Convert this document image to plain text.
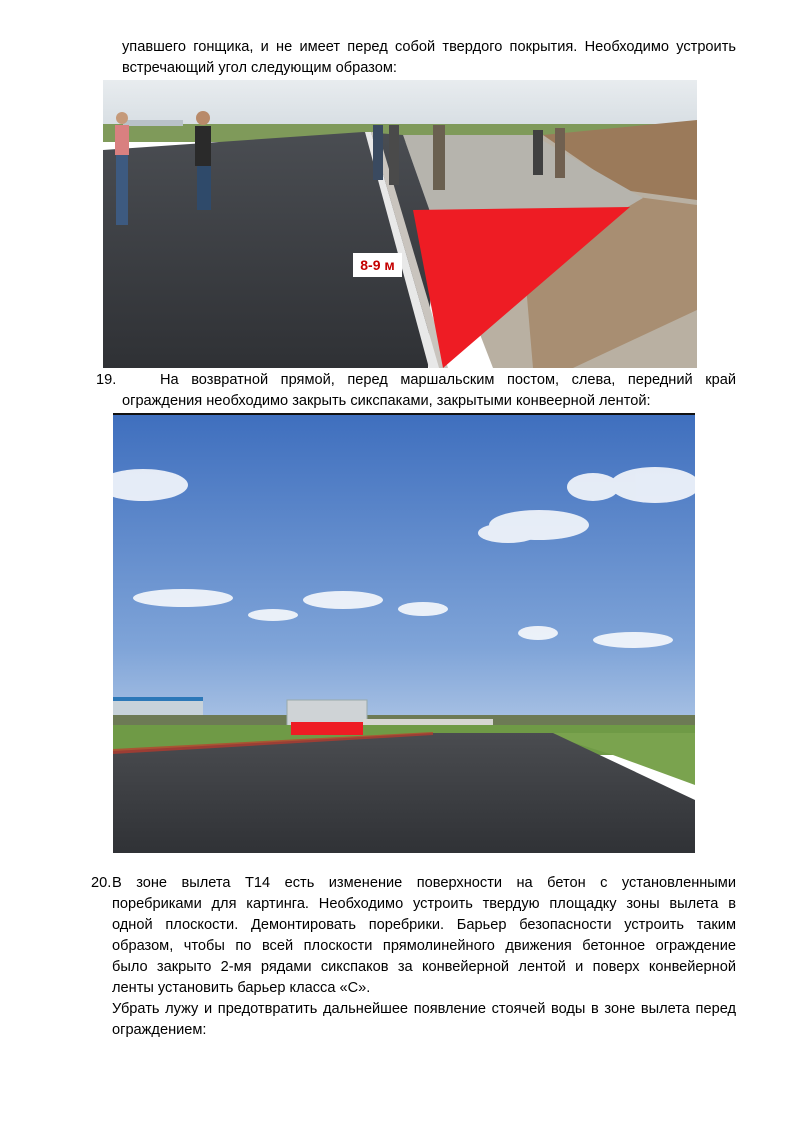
упавшего гонщика, и не имеет перед собой твердого покрытия. Необходимо устроить
встречающий угол следующим образом:
8-9 м
19.	На возвратной прямой, перед маршальским постом, слева, передний край
ограждения необходимо закрыть сикспаками, закрытыми конвеерной лентой:
20. В зоне вылета Т14 есть изменение поверхности на бетон с установленными
поребриками для картинга. Необходимо устроить твердую площадку зоны вылета в
одной плоскости. Демонтировать поребрики. Барьер безопасности устроить таким
образом, чтобы по всей плоскости прямолинейного движения бетонное ограждение
было закрыто 2-мя рядами сикспаков за конвейерной лентой и поверх конвейерной
ленты установить барьер класса «С».
Убрать лужу и предотвратить дальнейшее появление стоячей воды в зоне вылета перед
ограждением:
